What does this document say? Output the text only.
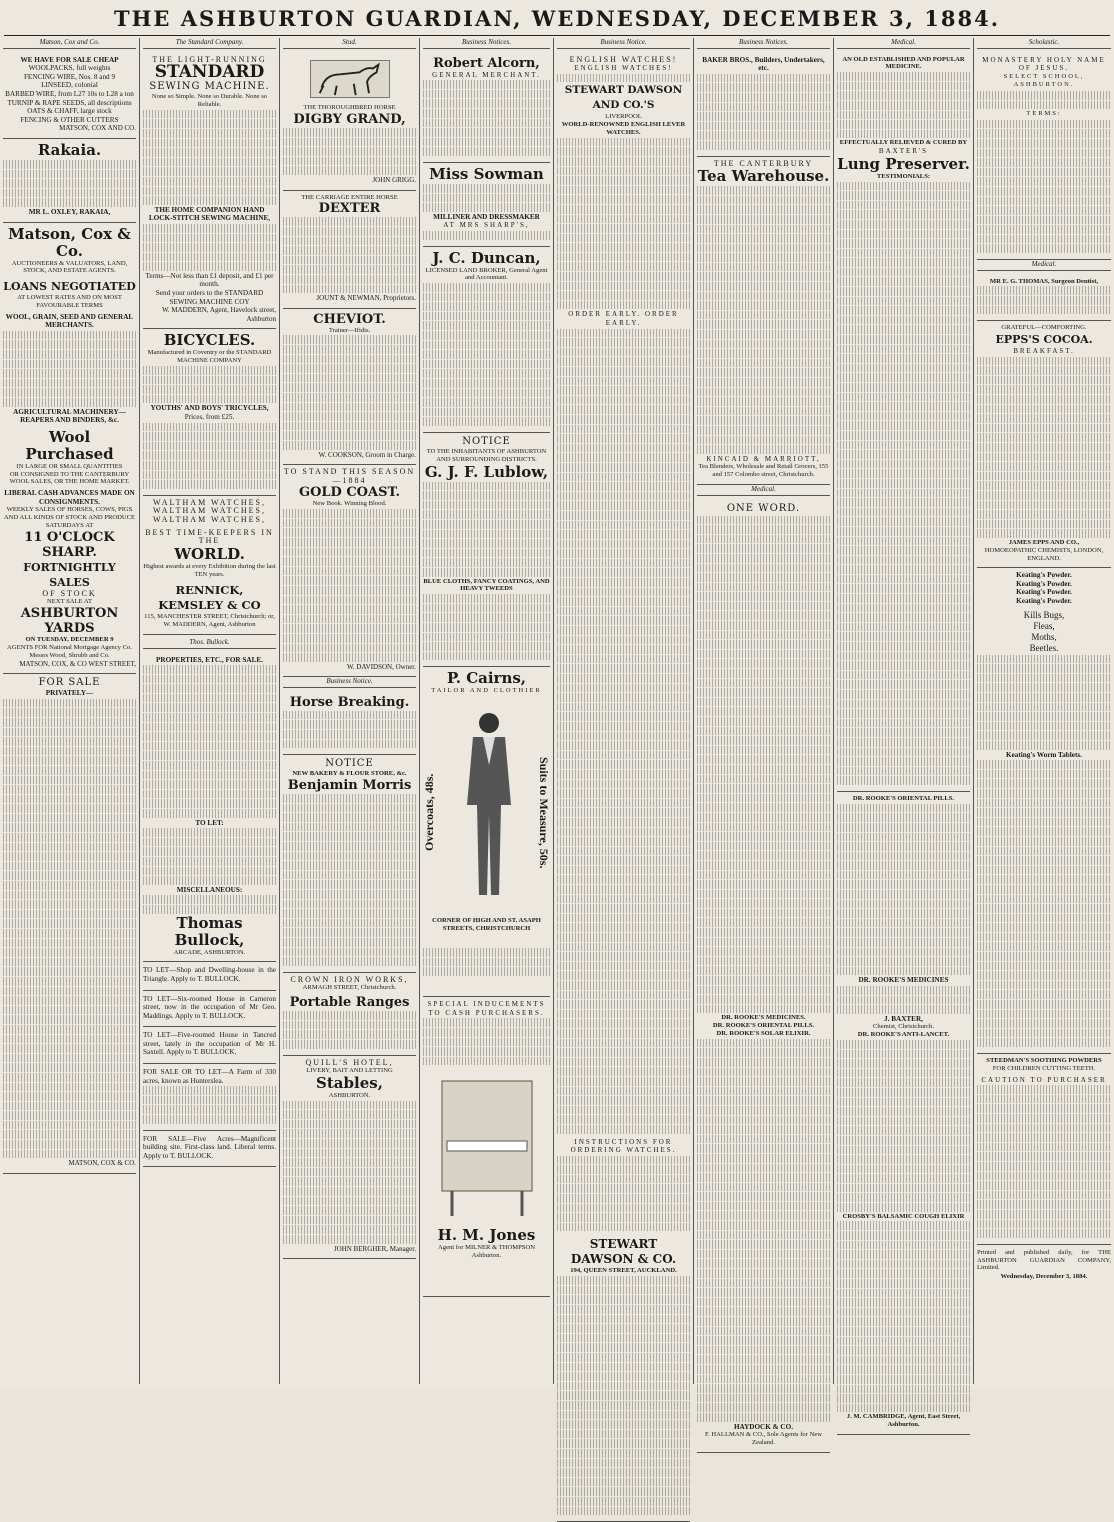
THE ASHBURTON GUARDIAN, WEDNESDAY, DECEMBER 3, 1884.
Matson, Cox and Co.
WE HAVE FOR SALE CHEAP
WOOLPACKS, full weights
FENCING WIRE, Nos. 8 and 9
LINSEED, colonial
BARBED WIRE, from L27 10s to L28 a ton
TURNIP & RAPE SEEDS, all descriptions
OATS & CHAFF, large stock
FENCING & OTHER CUTTERS
MATSON, COX AND CO.
Rakaia.
MR L. OXLEY, RAKAIA,
Matson, Cox & Co.
AUCTIONEERS & VALUATORS, LAND, STOCK, AND ESTATE AGENTS.
LOANS NEGOTIATED
AT LOWEST RATES AND ON MOST FAVOURABLE TERMS
WOOL, GRAIN, SEED AND GENERAL MERCHANTS.
AGRICULTURAL MACHINERY—REAPERS AND BINDERS, &c.
Wool Purchased
IN LARGE OR SMALL QUANTITIES
OR CONSIGNED TO THE CANTERBURY WOOL SALES, OR THE HOME MARKET.
LIBERAL CASH ADVANCES MADE ON CONSIGNMENTS.
WEEKLY SALES OF HORSES, COWS, PIGS AND ALL KINDS OF STOCK AND PRODUCE
SATURDAYS AT
11 O'CLOCK SHARP.
FORTNIGHTLY SALES
OF STOCK
NEXT SALE AT
ASHBURTON YARDS
ON TUESDAY, DECEMBER 9
AGENTS FOR National Mortgage Agency Co. Messrs Wood, Shrubb and Co.
MATSON, COX, & CO WEST STREET,
FOR SALE
PRIVATELY—
MATSON, COX & CO.
The Standard Company.
THE LIGHT-RUNNING
STANDARD
SEWING MACHINE.
None so Simple. None so Durable. None so Reliable.
THE HOME COMPANION HAND LOCK-STITCH SEWING MACHINE,
Terms—Not less than £1 deposit, and £1 per month.
Send your orders to the STANDARD SEWING MACHINE COY
W. MADDERN, Agent, Havelock street, Ashburton
BICYCLES.
Manufactured in Coventry or the STANDARD MACHINE COMPANY
YOUTHS' AND BOYS' TRICYCLES,
Prices, from £25.
WALTHAM WATCHES,
WALTHAM WATCHES,
WALTHAM WATCHES,
BEST TIME-KEEPERS IN THE
WORLD.
Highest awards at every Exhibition during the last TEN years.
RENNICK, KEMSLEY & CO
115, MANCHESTER STREET, Christchurch; or,
W. MADDERN, Agent, Ashburton
Thos. Bullock.
PROPERTIES, ETC., FOR SALE.
TO LET:
MISCELLANEOUS:
Thomas Bullock,
ARCADE, ASHBURTON.

TO LET—Shop and Dwelling-house in the Triangle. Apply to T. BULLOCK.

TO LET—Six-roomed House in Cameron street, now in the occupation of Mr Geo. Maddings. Apply to T. BULLOCK.

TO LET—Five-roomed House in Tancred street, lately in the occupation of Mr H. Saxtell. Apply to T. BULLOCK.

FOR SALE OR TO LET—A Farm of 330 acres, known as Hunterslea.

FOR SALE—Five Acres—Magnificent building site. First-class land. Liberal terms. Apply to T. BULLOCK.

Stud.
THE THOROUGHBRED HORSE
DIGBY GRAND,
JOHN GRIGG.
THE CARRIAGE ENTIRE HORSE
DEXTER
JOUNT & NEWMAN, Proprietors.
CHEVIOT.
Trainer—Ifidis.
W. COOKSON, Groom in Charge.
TO STAND THIS SEASON—1884
GOLD COAST.
New Book. Winning Blood.
W. DAVIDSON, Owner.
Business Notice.
Horse Breaking.
NOTICE
NEW BAKERY & FLOUR STORE, &c.
Benjamin Morris
CROWN IRON WORKS,
ARMAGH STREET, Christchurch.
Portable Ranges
QUILL'S HOTEL,
LIVERY, BAIT AND LETTING
Stables,
ASHBURTON.
JOHN BERGHER, Manager.
Business Notices.
Robert Alcorn,
GENERAL MERCHANT.
Miss Sowman
MILLINER AND DRESSMAKER
AT MRS SHARP'S,
J. C. Duncan,
LICENSED LAND BROKER, General Agent and Accountant.
NOTICE
TO THE INHABITANTS OF ASHBURTON AND SURROUNDING DISTRICTS.
G. J. F. Lublow,
BLUE CLOTHS, FANCY COATINGS, AND HEAVY TWEEDS
P. Cairns,
TAILOR AND CLOTHIER
Overcoats, 48s.	Suits to Measure, 50s.
CORNER OF HIGH AND ST. ASAPH STREETS, CHRISTCHURCH
SPECIAL INDUCEMENTS TO CASH PURCHASERS.
H. M. Jones
Agent for MILNER & THOMPSON Ashburton.
Business Notice.
ENGLISH WATCHES!
ENGLISH WATCHES!
STEWART DAWSON AND CO.'S
LIVERPOOL
WORLD-RENOWNED ENGLISH LEVER WATCHES.
ORDER EARLY. ORDER EARLY.
INSTRUCTIONS FOR ORDERING WATCHES.
STEWART DAWSON & CO.
194, QUEEN STREET, AUCKLAND.
Business Notices.
BAKER BROS., Builders, Undertakers, etc.
THE CANTERBURY
Tea Warehouse.
KINCAID & MARRIOTT,
Tea Blenders, Wholesale and Retail Grocers, 155 and 157 Colombo street, Christchurch.
Medical.
ONE WORD.
DR. ROOKE'S MEDICINES.
DR. ROOKE'S ORIENTAL PILLS.
DR. ROOKE'S SOLAR ELIXIR.
HAYDOCK & CO.
F. HALLMAN & CO., Sole Agents for New Zealand.
Medical.
AN OLD ESTABLISHED AND POPULAR MEDICINE.
EFFECTUALLY RELIEVED & CURED BY
BAXTER'S
Lung Preserver.
TESTIMONIALS:
DR. ROOKE'S ORIENTAL PILLS.
DR. ROOKE'S MEDICINES
J. BAXTER,
Chemist, Christchurch.
DR. ROOKE'S ANTI-LANCET.
CROSBY'S BALSAMIC COUGH ELIXIR
J. M. CAMBRIDGE, Agent, East Street, Ashburton.
Scholastic.
MONASTERY HOLY NAME OF JESUS.
SELECT SCHOOL, ASHBURTON.
TERMS:
Medical.
MR E. G. THOMAS, Surgeon Dentist,
GRATEFUL—COMFORTING.
EPPS'S COCOA.
BREAKFAST.
JAMES EPPS AND CO.,
HOMOEOPATHIC CHEMISTS, LONDON, ENGLAND.
Keating's Powder.
Keating's Powder.
Keating's Powder.
Keating's Powder.
Kills Bugs,
Fleas,
Moths,
Beetles.
Keating's Worm Tablets.
STEEDMAN'S SOOTHING POWDERS
FOR CHILDREN CUTTING TEETH.
CAUTION TO PURCHASER

Printed and published daily, for THE ASHBURTON GUARDIAN COMPANY, Limited.

Wednesday, December 3, 1884.
